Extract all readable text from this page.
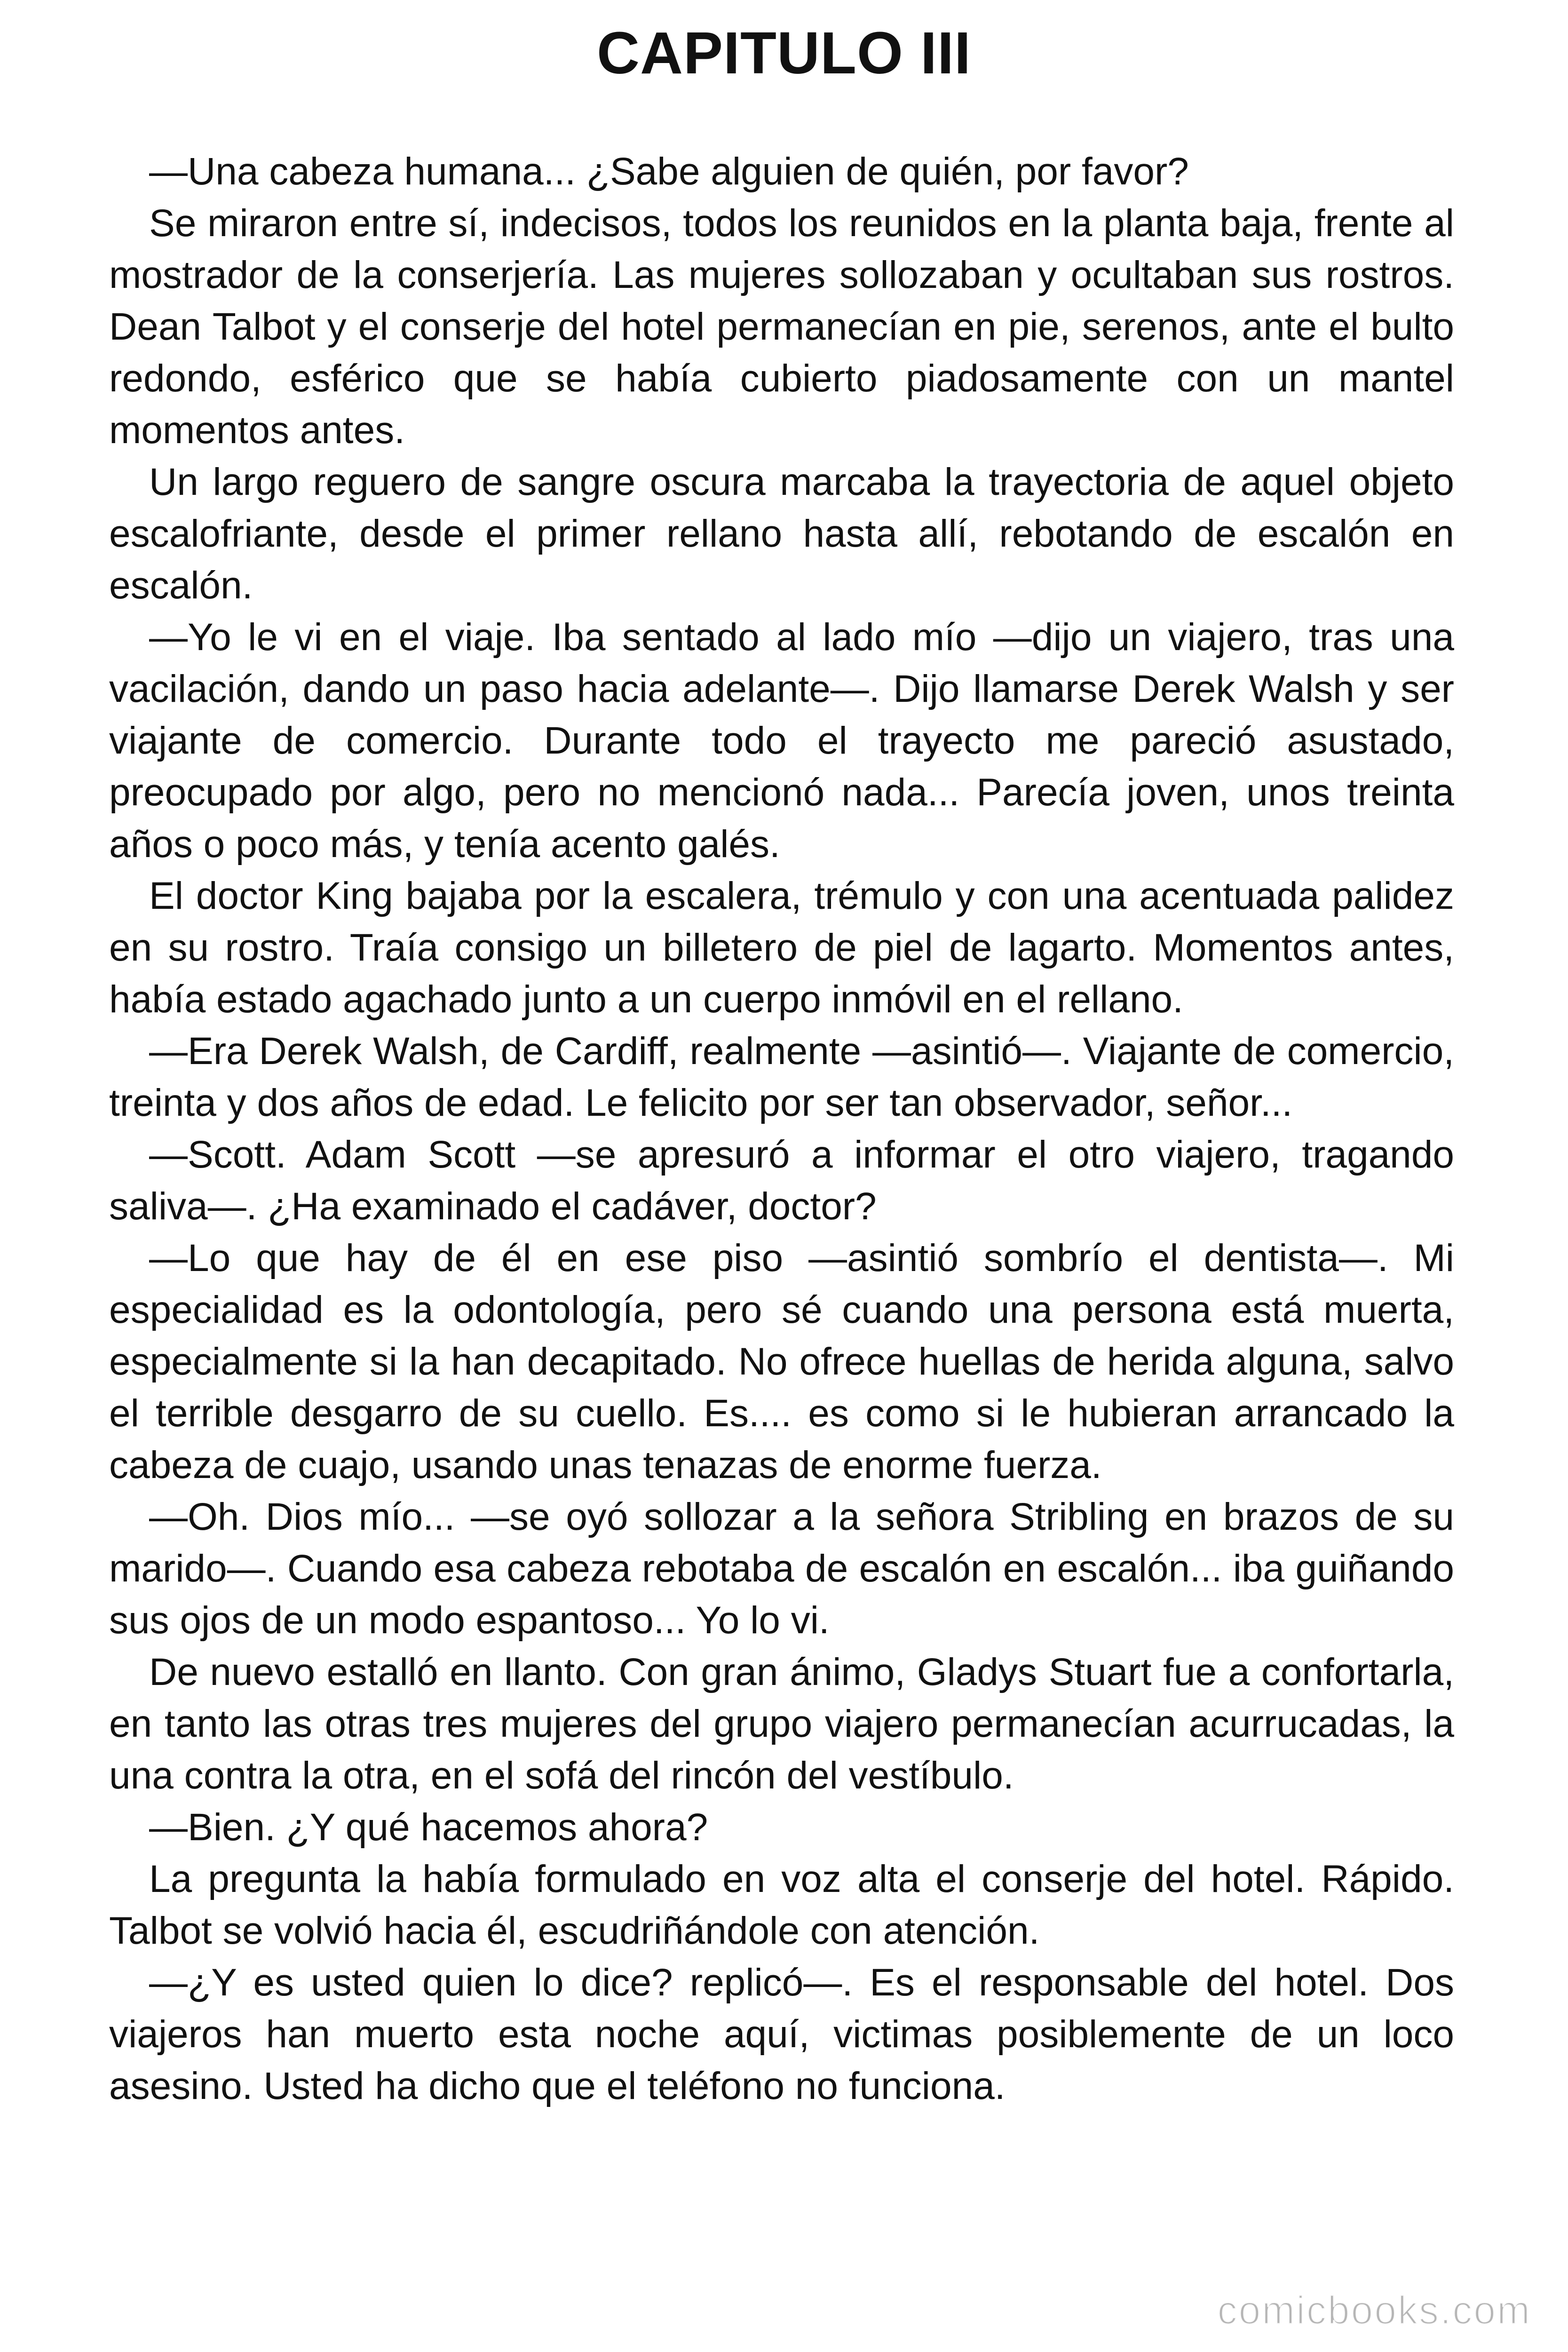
CAPITULO III

—Una cabeza humana... ¿Sabe alguien de quién, por favor?

Se miraron entre sí, indecisos, todos los reunidos en la planta baja, frente al mostrador de la conserjería. Las mujeres sollozaban y ocultaban sus rostros. Dean Talbot y el conserje del hotel permanecían en pie, serenos, ante el bulto redondo, esférico que se había cubierto piadosamente con un mantel momentos antes.

Un largo reguero de sangre oscura marcaba la trayectoria de aquel objeto escalofriante, desde el primer rellano hasta allí, rebotando de escalón en escalón.

—Yo le vi en el viaje. Iba sentado al lado mío —dijo un viajero, tras una vacilación, dando un paso hacia adelante—. Dijo llamarse Derek Walsh y ser viajante de comercio. Durante todo el trayecto me pareció asustado, preocupado por algo, pero no mencionó nada... Parecía joven, unos treinta años o poco más, y tenía acento galés.

El doctor King bajaba por la escalera, trémulo y con una acentuada palidez en su rostro. Traía consigo un billetero de piel de lagarto. Momentos antes, había estado agachado junto a un cuerpo inmóvil en el rellano.

—Era Derek Walsh, de Cardiff, realmente —asintió—. Viajante de comercio, treinta y dos años de edad. Le felicito por ser tan observador, señor...

—Scott. Adam Scott —se apresuró a informar el otro viajero, tragando saliva—. ¿Ha examinado el cadáver, doctor?

—Lo que hay de él en ese piso —asintió sombrío el dentista—. Mi especialidad es la odontología, pero sé cuando una persona está muerta, especialmente si la han decapitado. No ofrece huellas de herida alguna, salvo el terrible desgarro de su cuello. Es.... es como si le hubieran arrancado la cabeza de cuajo, usando unas tenazas de enorme fuerza.

—Oh. Dios mío... —se oyó sollozar a la señora Stribling en brazos de su marido—. Cuando esa cabeza rebotaba de escalón en escalón... iba guiñando sus ojos de un modo espantoso... Yo lo vi.

De nuevo estalló en llanto. Con gran ánimo, Gladys Stuart fue a confortarla, en tanto las otras tres mujeres del grupo viajero permanecían acurrucadas, la una contra la otra, en el sofá del rincón del vestíbulo.

—Bien. ¿Y qué hacemos ahora?

La pregunta la había formulado en voz alta el conserje del hotel. Rápido. Talbot se volvió hacia él, escudriñándole con atención.

—¿Y es usted quien lo dice? replicó—. Es el responsable del hotel. Dos viajeros han muerto esta noche aquí, victimas posiblemente de un loco asesino. Usted ha dicho que el teléfono no funciona.

comicbooks.com
